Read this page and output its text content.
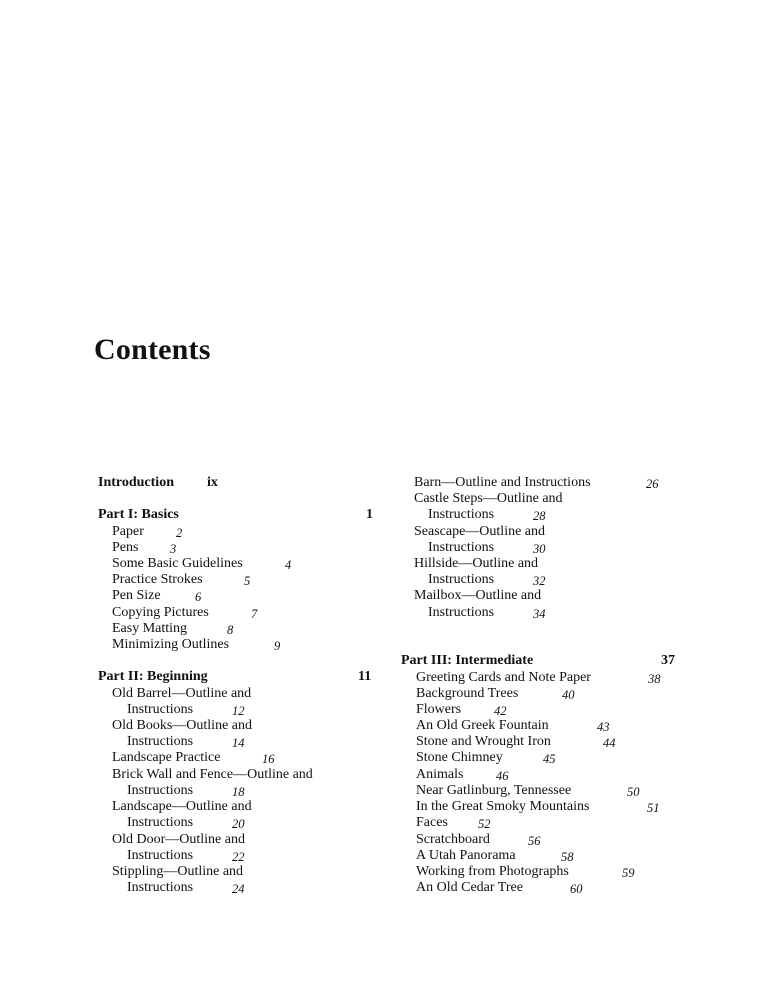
Contents
Introduction ix
Part I: Basics	1
Paper	2
Pens	3
Some Basic Guidelines	4
Practice Strokes	5
Pen Size	6
Copying Pictures	7
Easy Matting	8
Minimizing Outlines	9
Part II: Beginning	11
Old Barrel—Outline and
Instructions	12
Old Books—Outline and
Instructions	14
Landscape Practice	16
Brick Wall and Fence—Outline and
Instructions	18
Landscape—Outline and
Instructions	20
Old Door—Outline and
Instructions	22
Stippling—Outline and
Instructions	24
Barn—Outline and Instructions	26
Castle Steps—Outline and
Instructions	28
Seascape—Outline and
Instructions	30
Hillside—Outline and
Instructions	32
Mailbox—Outline and
Instructions	34
Part III: Intermediate	37
Greeting Cards and Note Paper	38
Background Trees	40
Flowers	42
An Old Greek Fountain	43
Stone and Wrought Iron	44
Stone Chimney	45
Animals	46
Near Gatlinburg, Tennessee	50
In the Great Smoky Mountains	51
Faces 52
Scratchboard	56
A Utah Panorama	58
Working from Photographs	59
An Old Cedar Tree	60
